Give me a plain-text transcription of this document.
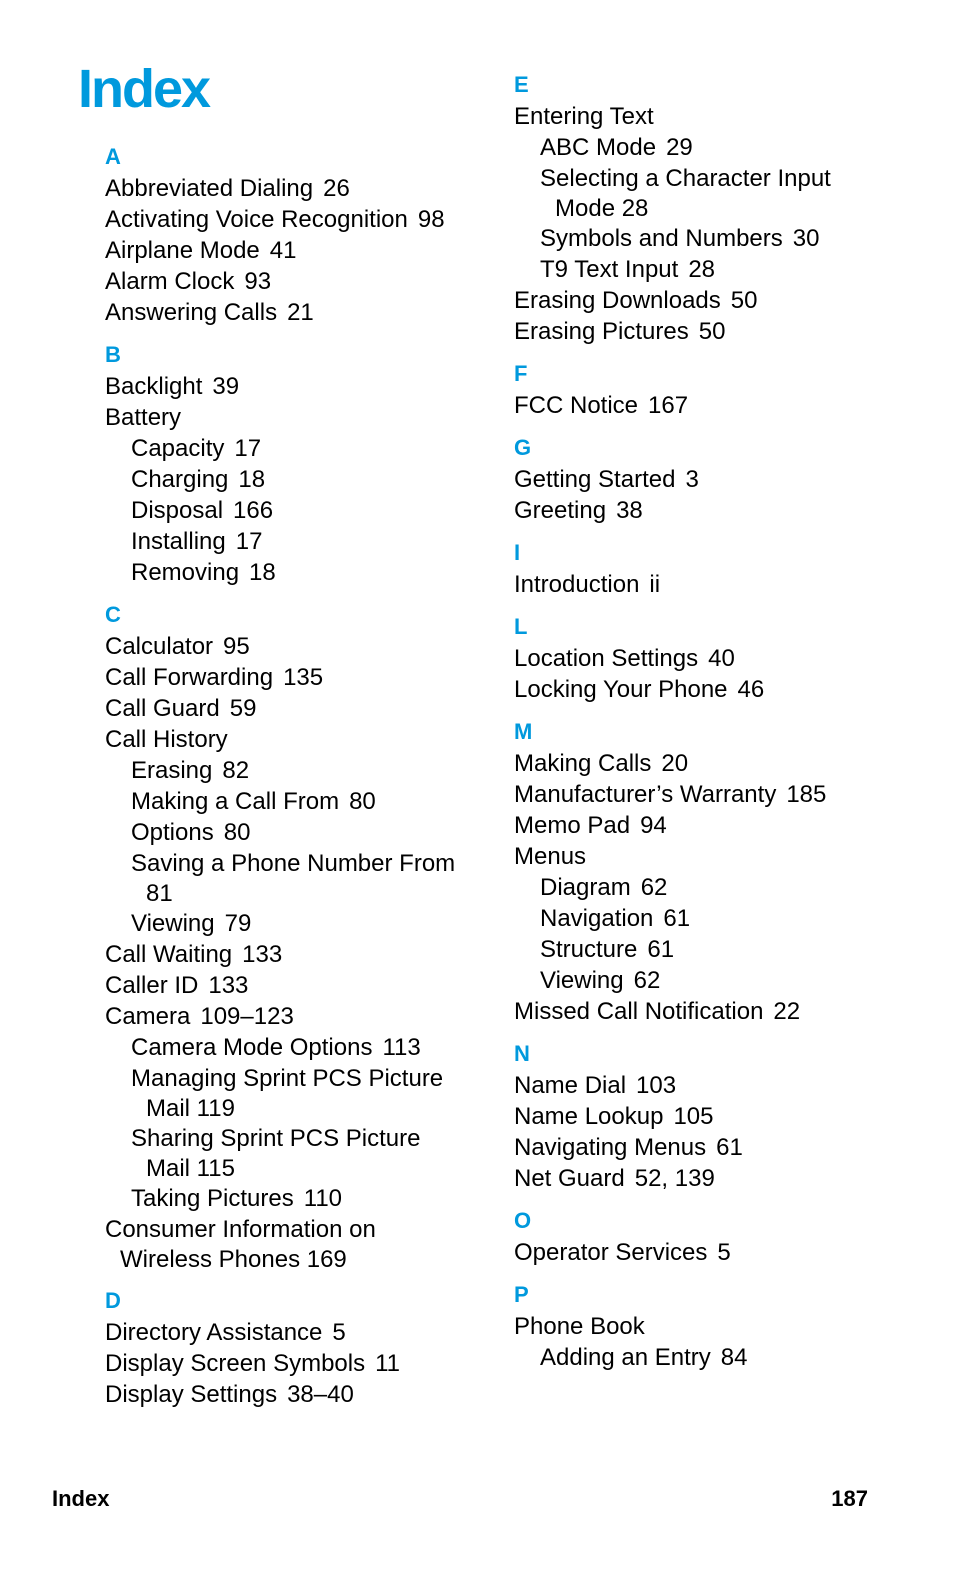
Index
A
Abbreviated Dialing 26
Activating Voice Recognition 98
Airplane Mode 41
Alarm Clock 93
Answering Calls 21
B
Backlight 39
Battery
Capacity 17
Charging 18
Disposal 166
Installing 17
Removing 18
C
Calculator 95
Call Forwarding 135
Call Guard 59
Call History
Erasing 82
Making a Call From 80
Options 80
Saving a Phone Number From
81
Viewing 79
Call Waiting 133
Caller ID 133
Camera 109–123
Camera Mode Options 113
Managing Sprint PCS Picture
Mail 119
Sharing Sprint PCS Picture
Mail 115
Taking Pictures 110
Consumer Information on
Wireless Phones 169
D
Directory Assistance 5
Display Screen Symbols 11
Display Settings 38–40
E
Entering Text
ABC Mode 29
Selecting a Character Input
Mode 28
Symbols and Numbers 30
T9 Text Input 28
Erasing Downloads 50
Erasing Pictures 50
F
FCC Notice 167
G
Getting Started 3
Greeting 38
I
Introduction ii
L
Location Settings 40
Locking Your Phone 46
M
Making Calls 20
Manufacturer’s Warranty 185
Memo Pad 94
Menus
Diagram 62
Navigation 61
Structure 61
Viewing 62
Missed Call Notification 22
N
Name Dial 103
Name Lookup 105
Navigating Menus 61
Net Guard 52, 139
O
Operator Services 5
P
Phone Book
Adding an Entry 84
Index	187
